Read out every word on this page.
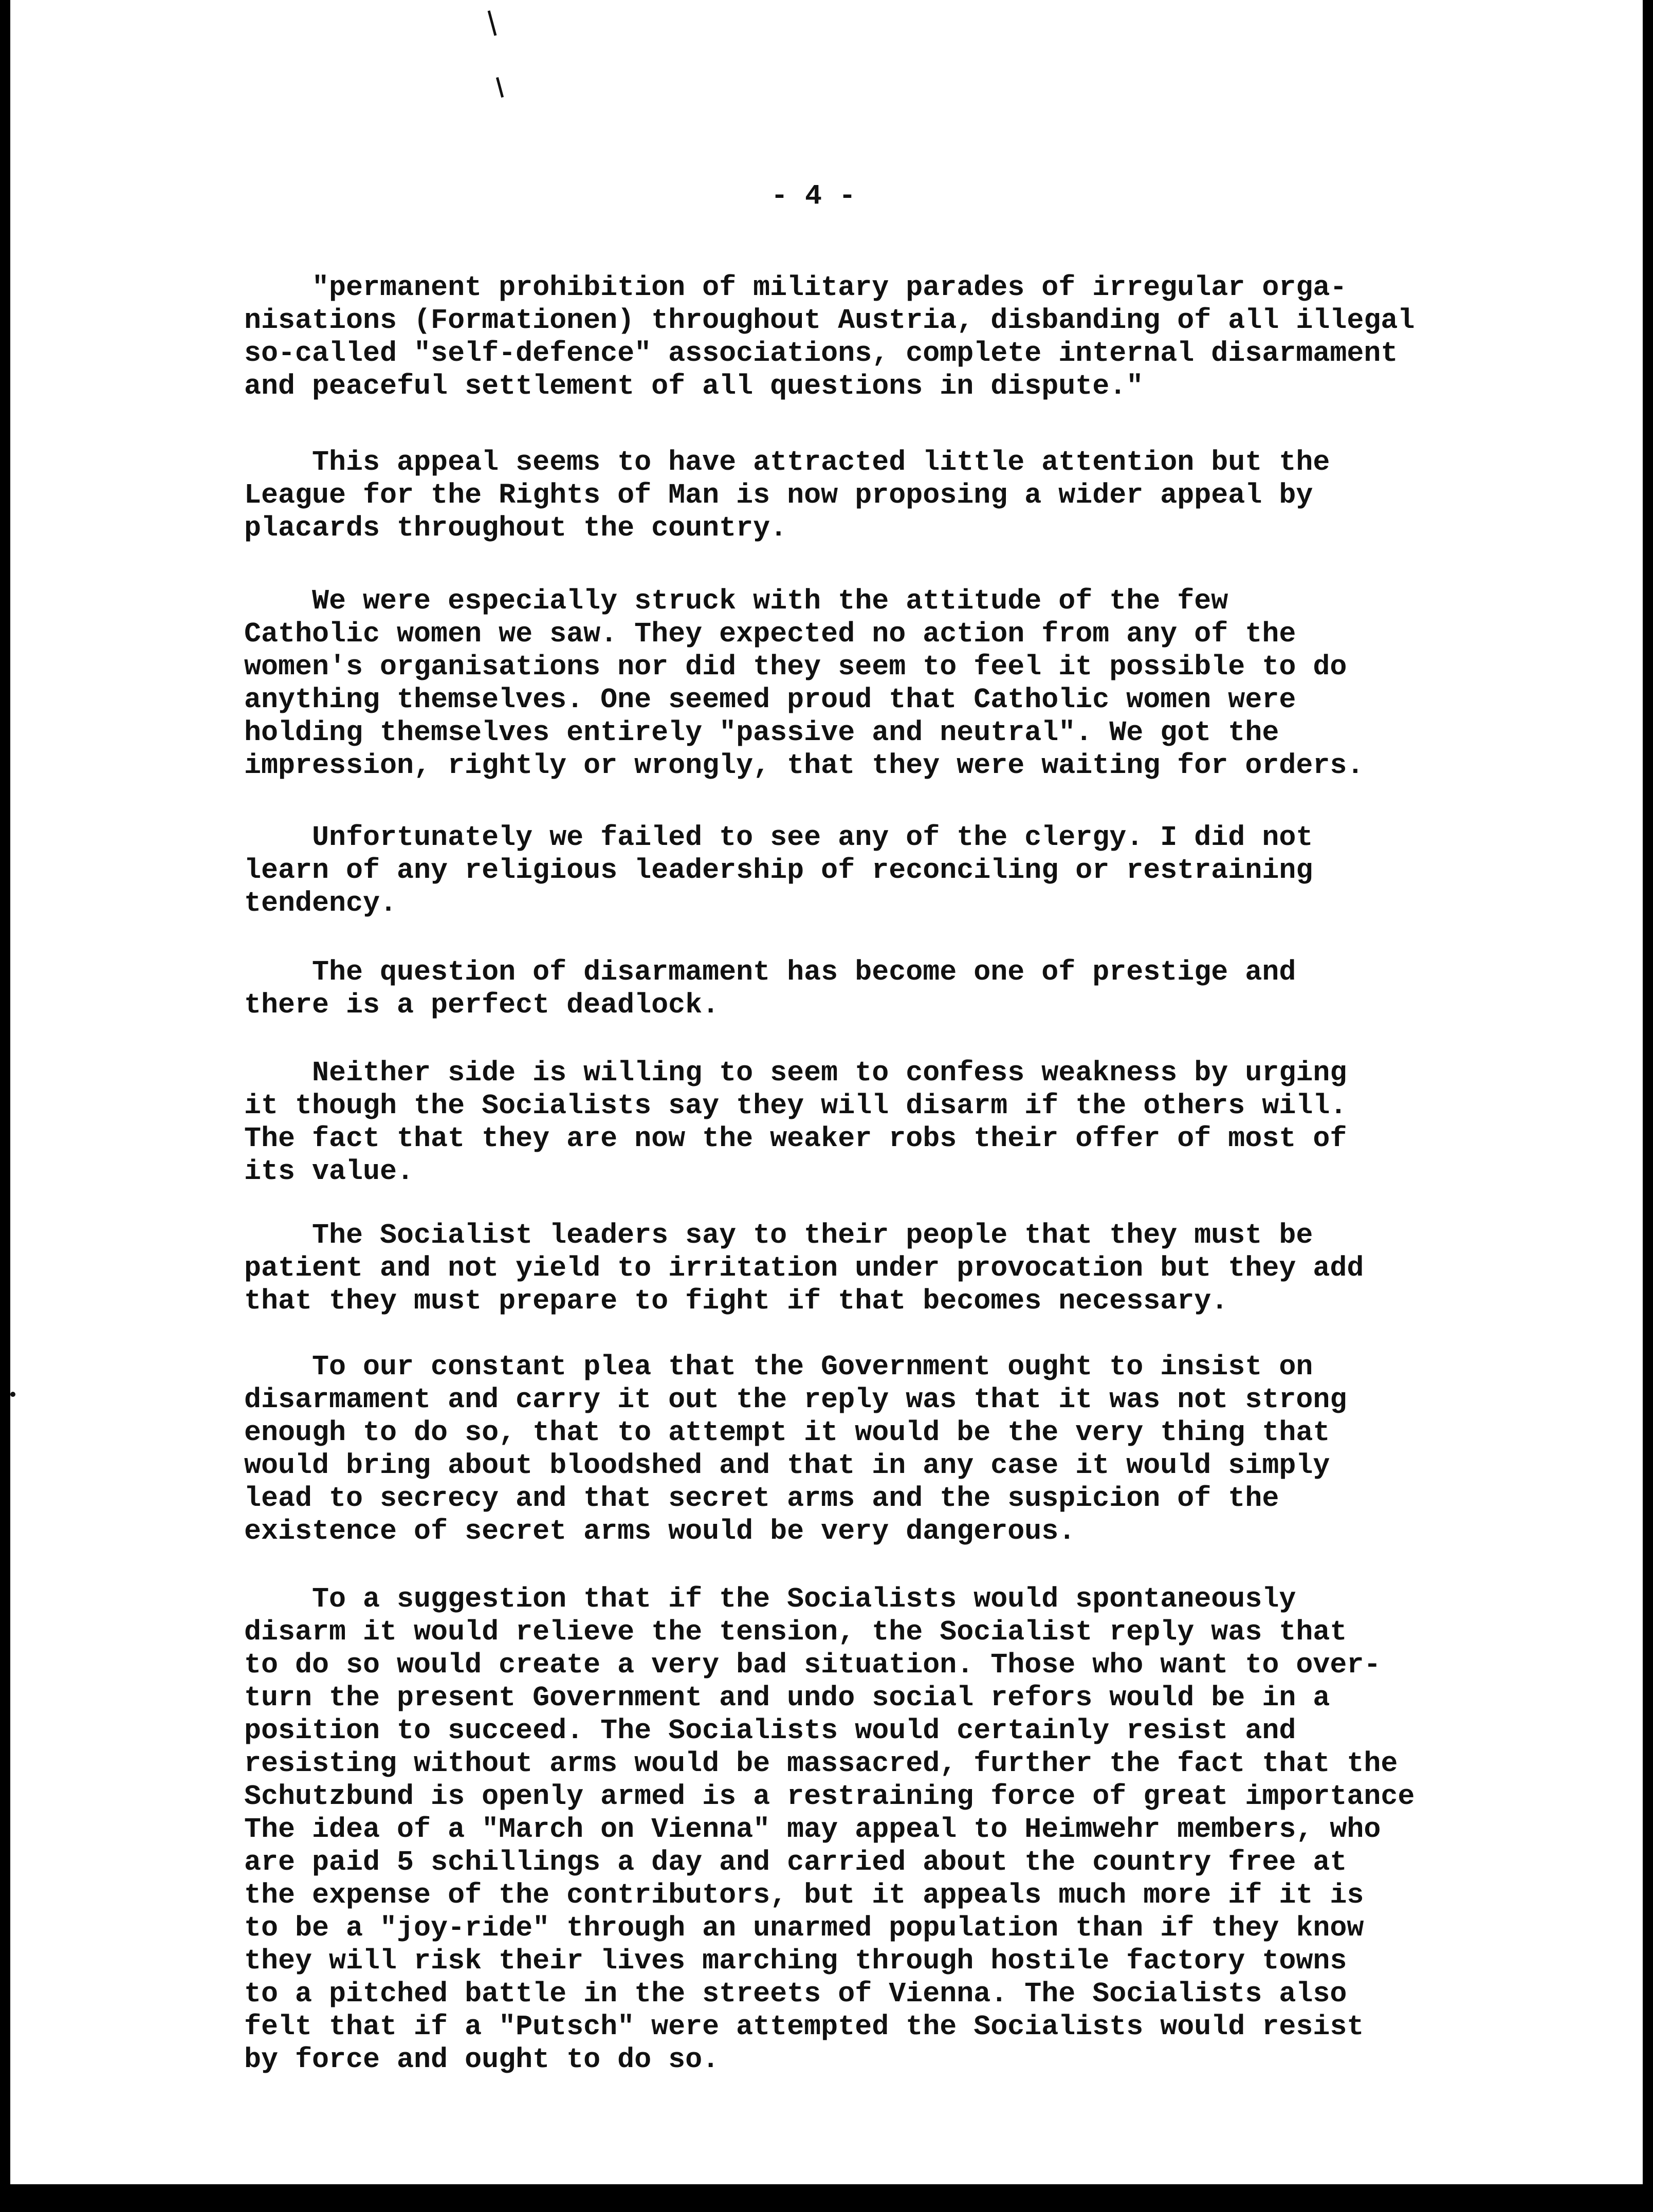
- 4 -

"permanent prohibition of military parades of irregular orga-
nisations (Formationen) throughout Austria, disbanding of all illegal
so-called "self-defence" associations, complete internal disarmament
and peaceful settlement of all questions in dispute."

This appeal seems to have attracted little attention but the
League for the Rights of Man is now proposing a wider appeal by
placards throughout the country.

We were especially struck with the attitude of the few
Catholic women we saw. They expected no action from any of the
women's organisations nor did they seem to feel it possible to do
anything themselves. One seemed proud that Catholic women were
holding themselves entirely "passive and neutral". We got the
impression, rightly or wrongly, that they were waiting for orders.

Unfortunately we failed to see any of the clergy. I did not
learn of any religious leadership of reconciling or restraining
tendency.

The question of disarmament has become one of prestige and
there is a perfect deadlock.

Neither side is willing to seem to confess weakness by urging
it though the Socialists say they will disarm if the others will.
The fact that they are now the weaker robs their offer of most of
its value.

The Socialist leaders say to their people that they must be
patient and not yield to irritation under provocation but they add
that they must prepare to fight if that becomes necessary.

To our constant plea that the Government ought to insist on
disarmament and carry it out the reply was that it was not strong
enough to do so, that to attempt it would be the very thing that
would bring about bloodshed and that in any case it would simply
lead to secrecy and that secret arms and the suspicion of the
existence of secret arms would be very dangerous.

To a suggestion that if the Socialists would spontaneously
disarm it would relieve the tension, the Socialist reply was that
to do so would create a very bad situation. Those who want to over-
turn the present Government and undo social refors would be in a
position to succeed. The Socialists would certainly resist and
resisting without arms would be massacred, further the fact that the
Schutzbund is openly armed is a restraining force of great importance
The idea of a "March on Vienna" may appeal to Heimwehr members, who
are paid 5 schillings a day and carried about the country free at
the expense of the contributors, but it appeals much more if it is
to be a "joy-ride" through an unarmed population than if they know
they will risk their lives marching through hostile factory towns
to a pitched battle in the streets of Vienna. The Socialists also
felt that if a "Putsch" were attempted the Socialists would resist
by force and ought to do so.
